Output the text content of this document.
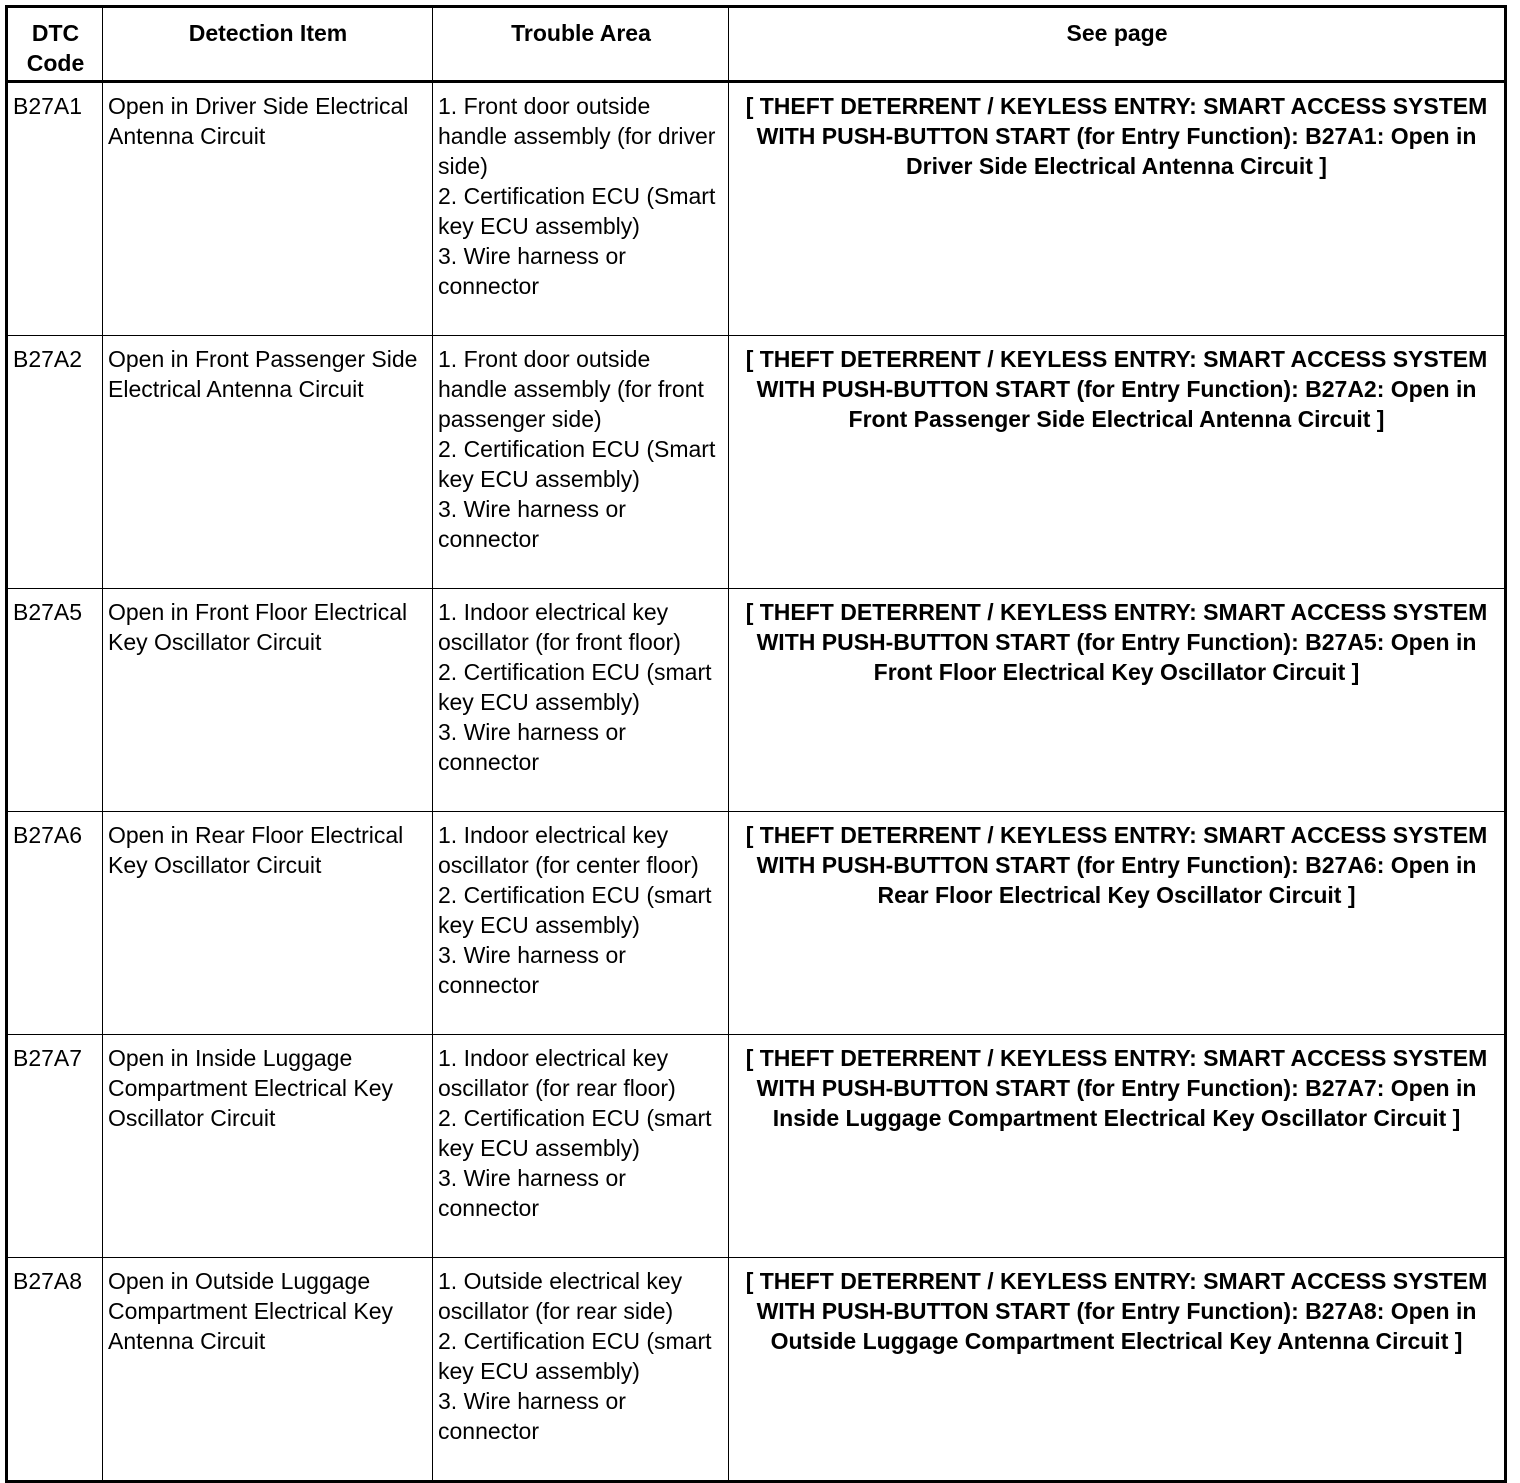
DTC
Code	Detection Item	Trouble Area	See page
B27A1	Open in Driver Side Electrical Antenna Circuit	1. Front door outside handle assembly (for driver side)
2. Certification ECU (Smart key ECU assembly)
3. Wire harness or connector	[ THEFT DETERRENT / KEYLESS ENTRY: SMART ACCESS SYSTEM WITH PUSH-BUTTON START (for Entry Function): B27A1: Open in Driver Side Electrical Antenna Circuit ]
B27A2	Open in Front Passenger Side Electrical Antenna Circuit	1. Front door outside handle assembly (for front passenger side)
2. Certification ECU (Smart key ECU assembly)
3. Wire harness or connector	[ THEFT DETERRENT / KEYLESS ENTRY: SMART ACCESS SYSTEM WITH PUSH-BUTTON START (for Entry Function): B27A2: Open in Front Passenger Side Electrical Antenna Circuit ]
B27A5	Open in Front Floor Electrical Key Oscillator Circuit	1. Indoor electrical key oscillator (for front floor)
2. Certification ECU (smart key ECU assembly)
3. Wire harness or connector	[ THEFT DETERRENT / KEYLESS ENTRY: SMART ACCESS SYSTEM WITH PUSH-BUTTON START (for Entry Function): B27A5: Open in Front Floor Electrical Key Oscillator Circuit ]
B27A6	Open in Rear Floor Electrical Key Oscillator Circuit	1. Indoor electrical key oscillator (for center floor)
2. Certification ECU (smart key ECU assembly)
3. Wire harness or connector	[ THEFT DETERRENT / KEYLESS ENTRY: SMART ACCESS SYSTEM WITH PUSH-BUTTON START (for Entry Function): B27A6: Open in Rear Floor Electrical Key Oscillator Circuit ]
B27A7	Open in Inside Luggage Compartment Electrical Key Oscillator Circuit	1. Indoor electrical key oscillator (for rear floor)
2. Certification ECU (smart key ECU assembly)
3. Wire harness or connector	[ THEFT DETERRENT / KEYLESS ENTRY: SMART ACCESS SYSTEM WITH PUSH-BUTTON START (for Entry Function): B27A7: Open in Inside Luggage Compartment Electrical Key Oscillator Circuit ]
B27A8	Open in Outside Luggage Compartment Electrical Key Antenna Circuit	1. Outside electrical key oscillator (for rear side)
2. Certification ECU (smart key ECU assembly)
3. Wire harness or connector	[ THEFT DETERRENT / KEYLESS ENTRY: SMART ACCESS SYSTEM WITH PUSH-BUTTON START (for Entry Function): B27A8: Open in Outside Luggage Compartment Electrical Key Antenna Circuit ]
